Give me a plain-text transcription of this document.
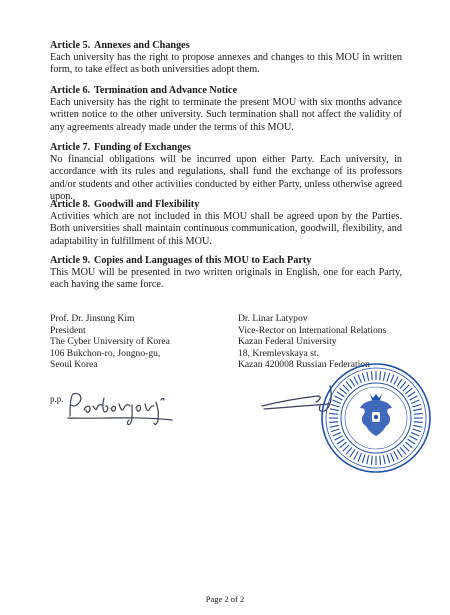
Article 5. Annexes and Changes

Each university has the right to propose annexes and changes to this MOU in written form, to take effect as both universities adopt them.

Article 6. Termination and Advance Notice

Each university has the right to terminate the present MOU with six months advance written notice to the other university. Such termination shall not affect the validity of any agreements already made under the terms of this MOU.

Article 7. Funding of Exchanges

No financial obligations will be incurred upon either Party. Each university, in accordance with its rules and regulations, shall fund the exchange of its professors and/or students and other activities conducted by either Party, unless otherwise agreed upon.

Article 8. Goodwill and Flexibility

Activities which are not included in this MOU shall be agreed upon by the Parties. Both universities shall maintain continuous communication, goodwill, flexibility, and adaptability in fulfillment of this MOU.

Article 9. Copies and Languages of this MOU to Each Party

This MOU will be presented in two written originals in English, one for each Party, each having the same force.

Prof. Dr. Jinsung Kim
President
The Cyber University of Korea
106 Bukchon-ro, Jongno-gu,
Seoul Korea
Dr. Linar Latypov
Vice-Rector on International Relations
Kazan Federal University
18, Kremlevskaya st.
Kazan 420008 Russian Federation
p.p.
Page 2 of 2
